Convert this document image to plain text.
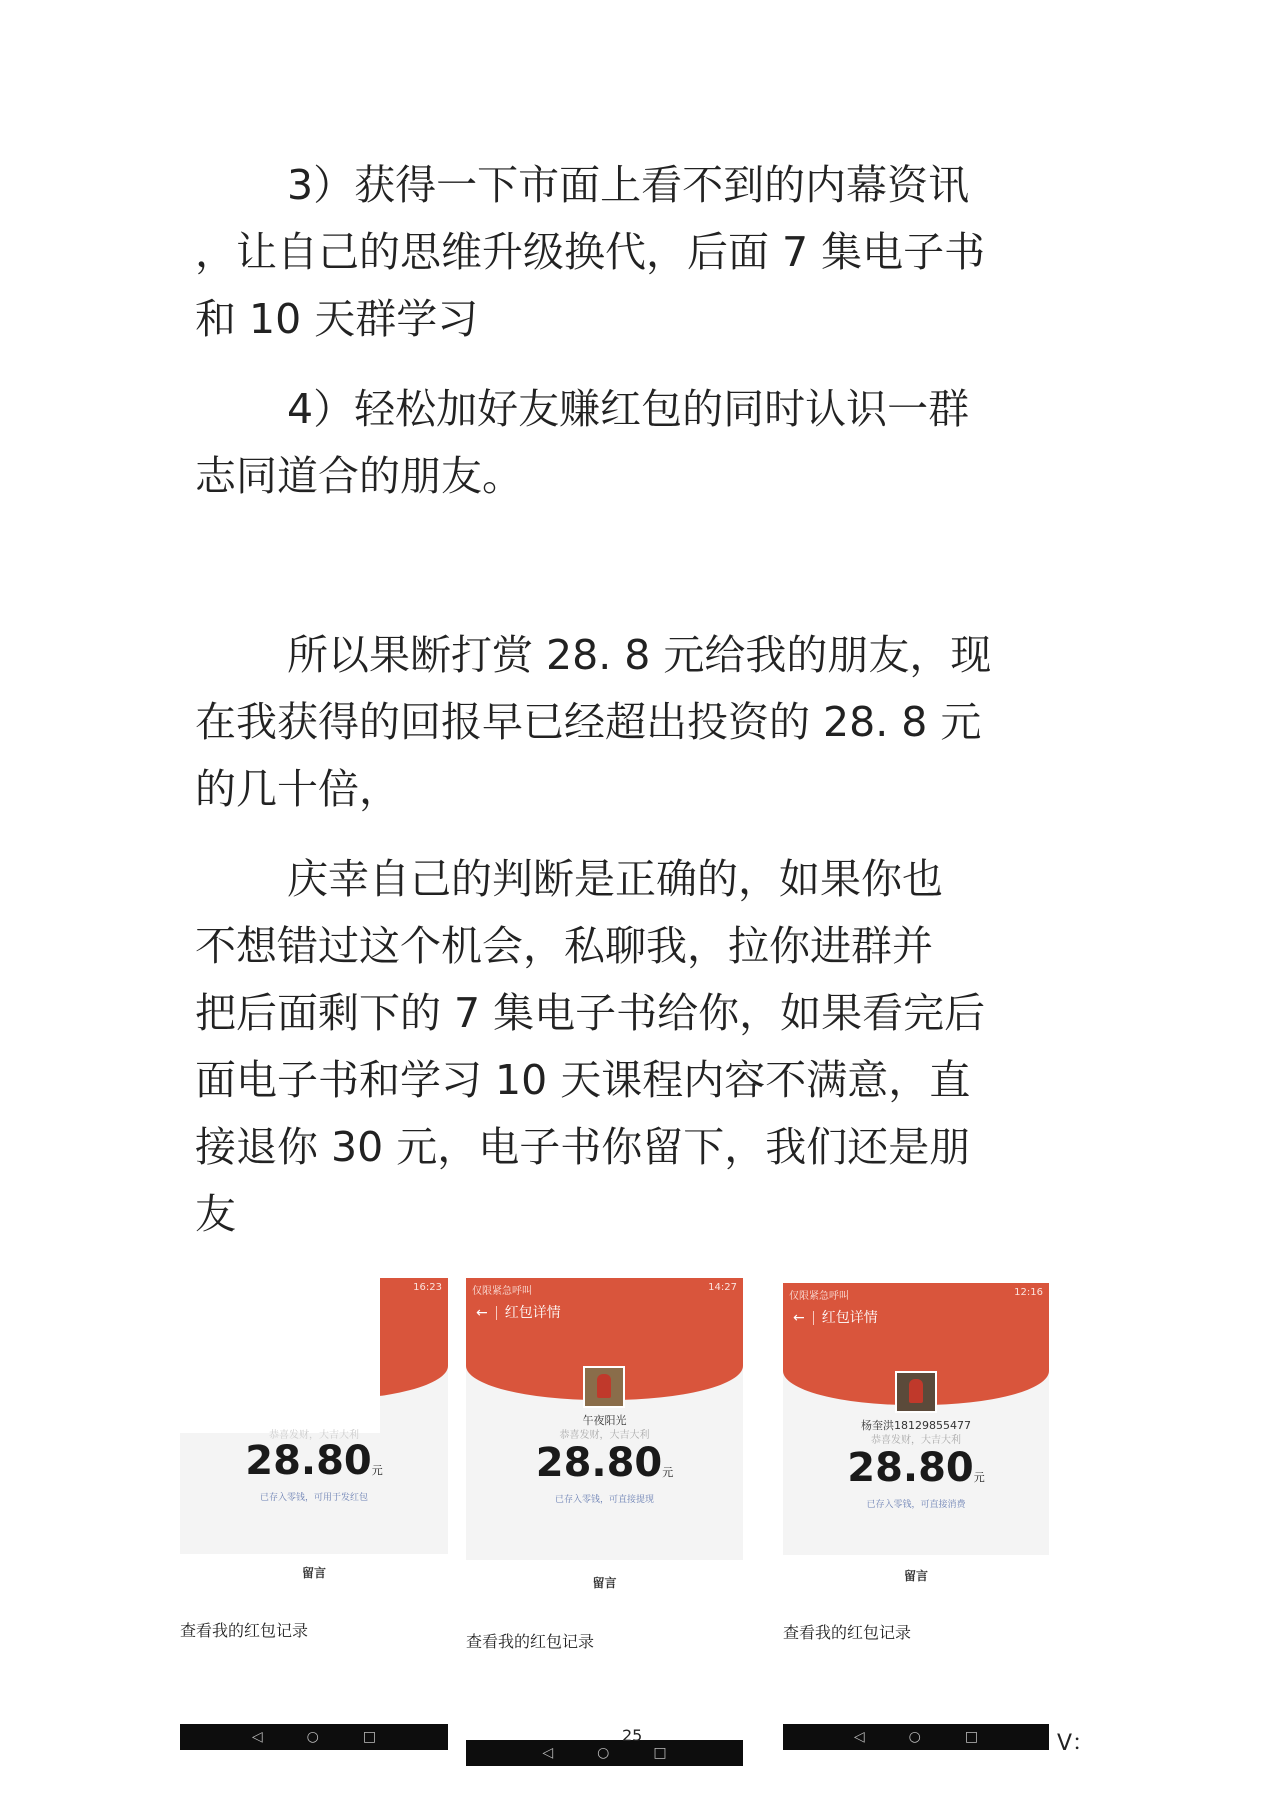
3）获得一下市面上看不到的内幕资讯
，让自己的思维升级换代，后面 7 集电子书
和 10 天群学习
4）轻松加好友赚红包的同时认识一群
志同道合的朋友。
所以果断打赏 28. 8 元给我的朋友，现
在我获得的回报早已经超出投资的 28. 8 元
的几十倍，
庆幸自己的判断是正确的，如果你也
不想错过这个机会，私聊我，拉你进群并
把后面剩下的 7 集电子书给你，如果看完后
面电子书和学习 10 天课程内容不满意，直
接退你 30 元，电子书你留下，我们还是朋
友
16:23
恭喜发财，大吉大利
28.80元
已存入零钱，可用于发红包
留言
查看我的红包记录
仅限紧急呼叫	14:27
← 红包详情
午夜阳光
恭喜发财，大吉大利
28.80元
已存入零钱，可直接提现
留言
查看我的红包记录
仅限紧急呼叫	12:16
← 红包详情
杨奎洪18129855477
恭喜发财，大吉大利
28.80元
已存入零钱，可直接消费
留言
查看我的红包记录
◁	○	□
◁	○	□
◁	○	□
25	V：
